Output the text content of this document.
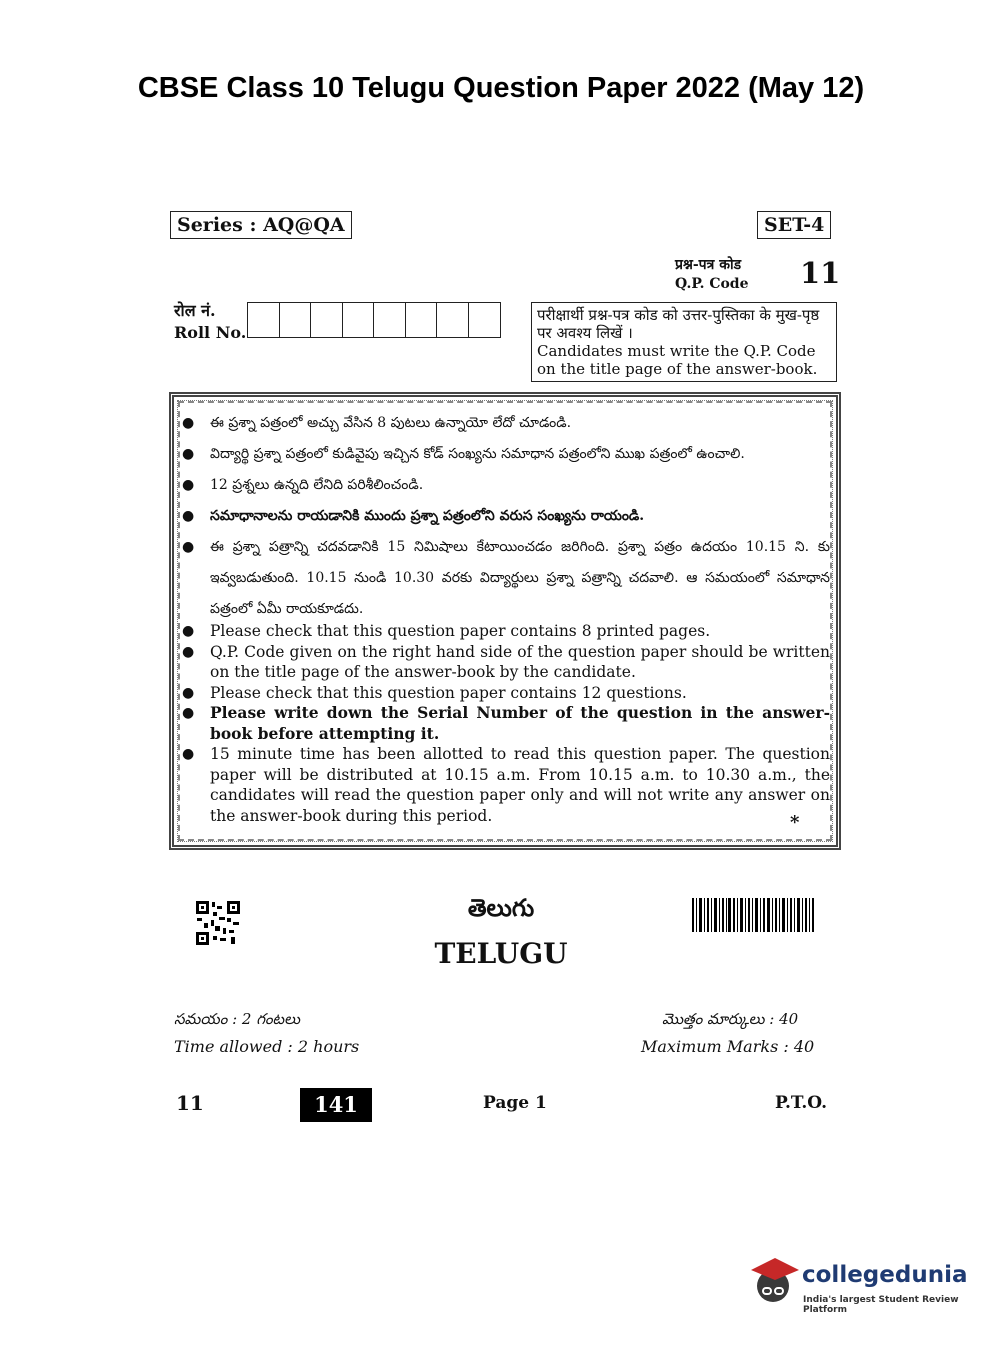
CBSE Class 10 Telugu Question Paper 2022 (May 12)
Series : AQ@QA	SET-4
प्रश्न-पत्र कोड
Q.P. Code 11
रोल नं.
Roll No.
परीक्षार्थी प्रश्न-पत्र कोड को उत्तर-पुस्तिका के मुख-पृष्ठ पर अवश्य लिखें ।
Candidates must write the Q.P. Code on the title page of the answer-book.
●	ఈ ప్రశ్నా పత్రంలో అచ్చు వేసిన 8 పుటలు ఉన్నాయో లేదో చూడండి.
●	విద్యార్థి ప్రశ్నా పత్రంలో కుడివైపు ఇచ్చిన కోడ్ సంఖ్యను సమాధాన పత్రంలోని ముఖ పత్రంలో ఉంచాలి.
●	12 ప్రశ్నలు ఉన్నది లేనిది పరిశీలించండి.
●	సమాధానాలను రాయడానికి ముందు ప్రశ్నా పత్రంలోని వరుస సంఖ్యను రాయండి.
●	ఈ ప్రశ్నా పత్రాన్ని చదవడానికి 15 నిమిషాలు కేటాయించడం జరిగింది. ప్రశ్నా పత్రం ఉదయం 10.15 ని. కు ఇవ్వబడుతుంది. 10.15 నుండి 10.30 వరకు విద్యార్థులు ప్రశ్నా పత్రాన్ని చదవాలి. ఆ సమయంలో సమాధాన పత్రంలో ఏమీ రాయకూడదు.
●	Please check that this question paper contains 8 printed pages.
●	Q.P. Code given on the right hand side of the question paper should be written on the title page of the answer-book by the candidate.
●	Please check that this question paper contains 12 questions.
●	Please write down the Serial Number of the question in the answer-book before attempting it.
●	15 minute time has been allotted to read this question paper. The question paper will be distributed at 10.15 a.m. From 10.15 a.m. to 10.30 a.m., the candidates will read the question paper only and will not write any answer on the answer-book during this period.	*
తెలుగు
TELUGU
సమయం : 2 గంటలు
Time allowed : 2 hours
మొత్తం మార్కులు : 40
Maximum Marks : 40
11	141	Page 1	P.T.O.
collegedunia
India's largest Student Review Platform
